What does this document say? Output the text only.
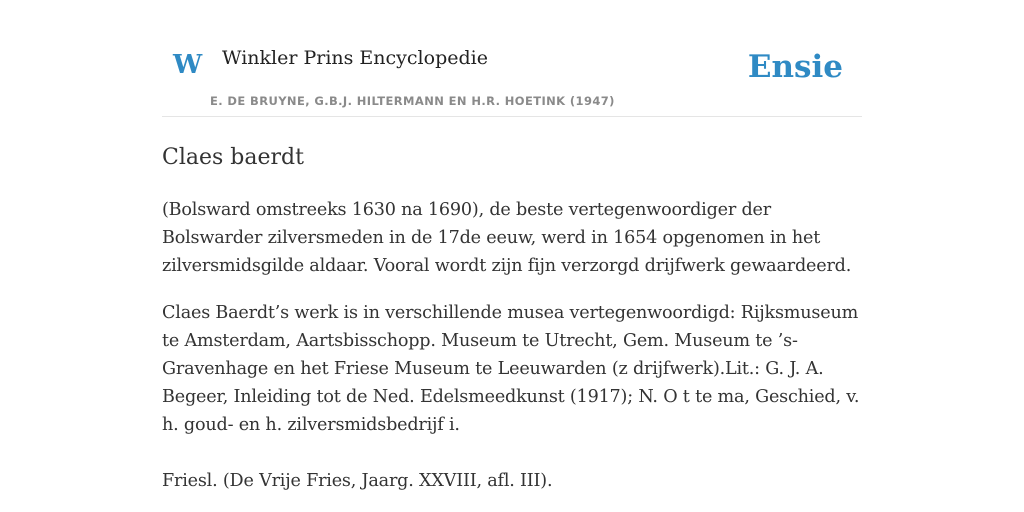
W Winkler Prins Encyclopedie
E. DE BRUYNE, G.B.J. HILTERMANN EN H.R. HOETINK (1947)
Ensie
Claes baerdt

(Bolsward omstreeks 1630 na 1690), de beste vertegenwoordiger der Bolswarder zilversmeden in de 17de eeuw, werd in 1654 opgenomen in het zilversmidsgilde aldaar. Vooral wordt zijn fijn verzorgd drijfwerk gewaardeerd.

Claes Baerdt’s werk is in verschillende musea vertegenwoordigd: Rijksmuseum te Amsterdam, Aartsbisschopp. Museum te Utrecht, Gem. Museum te ’s-Gravenhage en het Friese Museum te Leeuwarden (z drijfwerk).Lit.: G. J. A. Begeer, Inleiding tot de Ned. Edelsmeedkunst (1917); N. O t te ma, Geschied, v. h. goud- en h. zilversmidsbedrijf i.

Friesl. (De Vrije Fries, Jaarg. XXVIII, afl. III).
